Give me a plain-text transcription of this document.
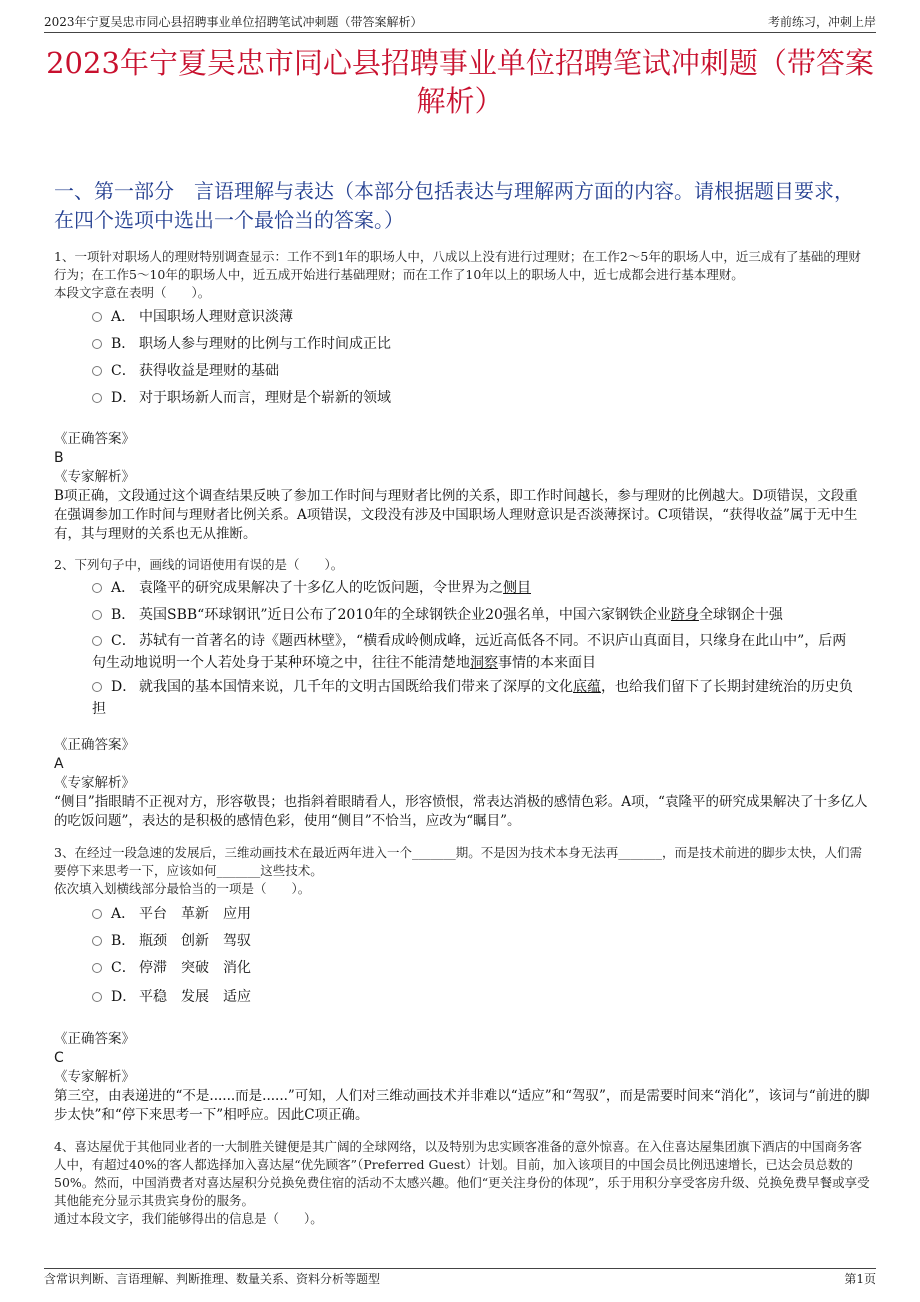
2023年宁夏吴忠市同心县招聘事业单位招聘笔试冲刺题（带答案解析）	考前练习，冲刺上岸
2023年宁夏吴忠市同心县招聘事业单位招聘笔试冲刺题（带答案解析）
一、第一部分　言语理解与表达（本部分包括表达与理解两方面的内容。请根据题目要求，在四个选项中选出一个最恰当的答案。）
1、一项针对职场人的理财特别调查显示：工作不到1年的职场人中，八成以上没有进行过理财；在工作2～5年的职场人中，近三成有了基础的理财行为；在工作5～10年的职场人中，近五成开始进行基础理财；而在工作了10年以上的职场人中，近七成都会进行基本理财。
本段文字意在表明（　　）。
A． 中国职场人理财意识淡薄
B． 职场人参与理财的比例与工作时间成正比
C． 获得收益是理财的基础
D． 对于职场新人而言，理财是个崭新的领域
《正确答案》
B
《专家解析》
B项正确，文段通过这个调查结果反映了参加工作时间与理财者比例的关系，即工作时间越长，参与理财的比例越大。D项错误，文段重在强调参加工作时间与理财者比例关系。A项错误，文段没有涉及中国职场人理财意识是否淡薄探讨。C项错误，“获得收益”属于无中生有，其与理财的关系也无从推断。
2、下列句子中，画线的词语使用有误的是（　　）。
A． 袁隆平的研究成果解决了十多亿人的吃饭问题，令世界为之侧目
B． 英国SBB“环球钢讯”近日公布了2010年的全球钢铁企业20强名单，中国六家钢铁企业跻身全球钢企十强
C． 苏轼有一首著名的诗《题西林壁》，“横看成岭侧成峰，远近高低各不同。不识庐山真面目，只缘身在此山中”，后两句生动地说明一个人若处身于某种环境之中，往往不能清楚地洞察事情的本来面目
D． 就我国的基本国情来说，几千年的文明古国既给我们带来了深厚的文化底蕴，也给我们留下了长期封建统治的历史负担
《正确答案》
A
《专家解析》
“侧目”指眼睛不正视对方，形容敬畏；也指斜着眼睛看人，形容愤恨，常表达消极的感情色彩。A项，“袁隆平的研究成果解决了十多亿人的吃饭问题”，表达的是积极的感情色彩，使用“侧目”不恰当，应改为“瞩目”。
3、在经过一段急速的发展后，三维动画技术在最近两年进入一个_______期。不是因为技术本身无法再_______，而是技术前进的脚步太快，人们需要停下来思考一下，应该如何_______这些技术。
依次填入划横线部分最恰当的一项是（　　）。
A． 平台　革新　应用
B． 瓶颈　创新　驾驭
C． 停滞　突破　消化
D． 平稳　发展　适应
《正确答案》
C
《专家解析》
第三空，由表递进的“不是......而是......”可知，人们对三维动画技术并非难以“适应”和“驾驭”，而是需要时间来“消化”，该词与“前进的脚步太快”和“停下来思考一下”相呼应。因此C项正确。
4、喜达屋优于其他同业者的一大制胜关键便是其广阔的全球网络，以及特别为忠实顾客准备的意外惊喜。在入住喜达屋集团旗下酒店的中国商务客人中，有超过40%的客人都选择加入喜达屋“优先顾客”（Preferred Guest）计划。目前，加入该项目的中国会员比例迅速增长，已达会员总数的50%。然而，中国消费者对喜达屋积分兑换免费住宿的活动不太感兴趣。他们“更关注身份的体现”，乐于用积分享受客房升级、兑换免费早餐或享受其他能充分显示其贵宾身份的服务。
通过本段文字，我们能够得出的信息是（　　）。
含常识判断、言语理解、判断推理、数量关系、资料分析等题型	第1页
